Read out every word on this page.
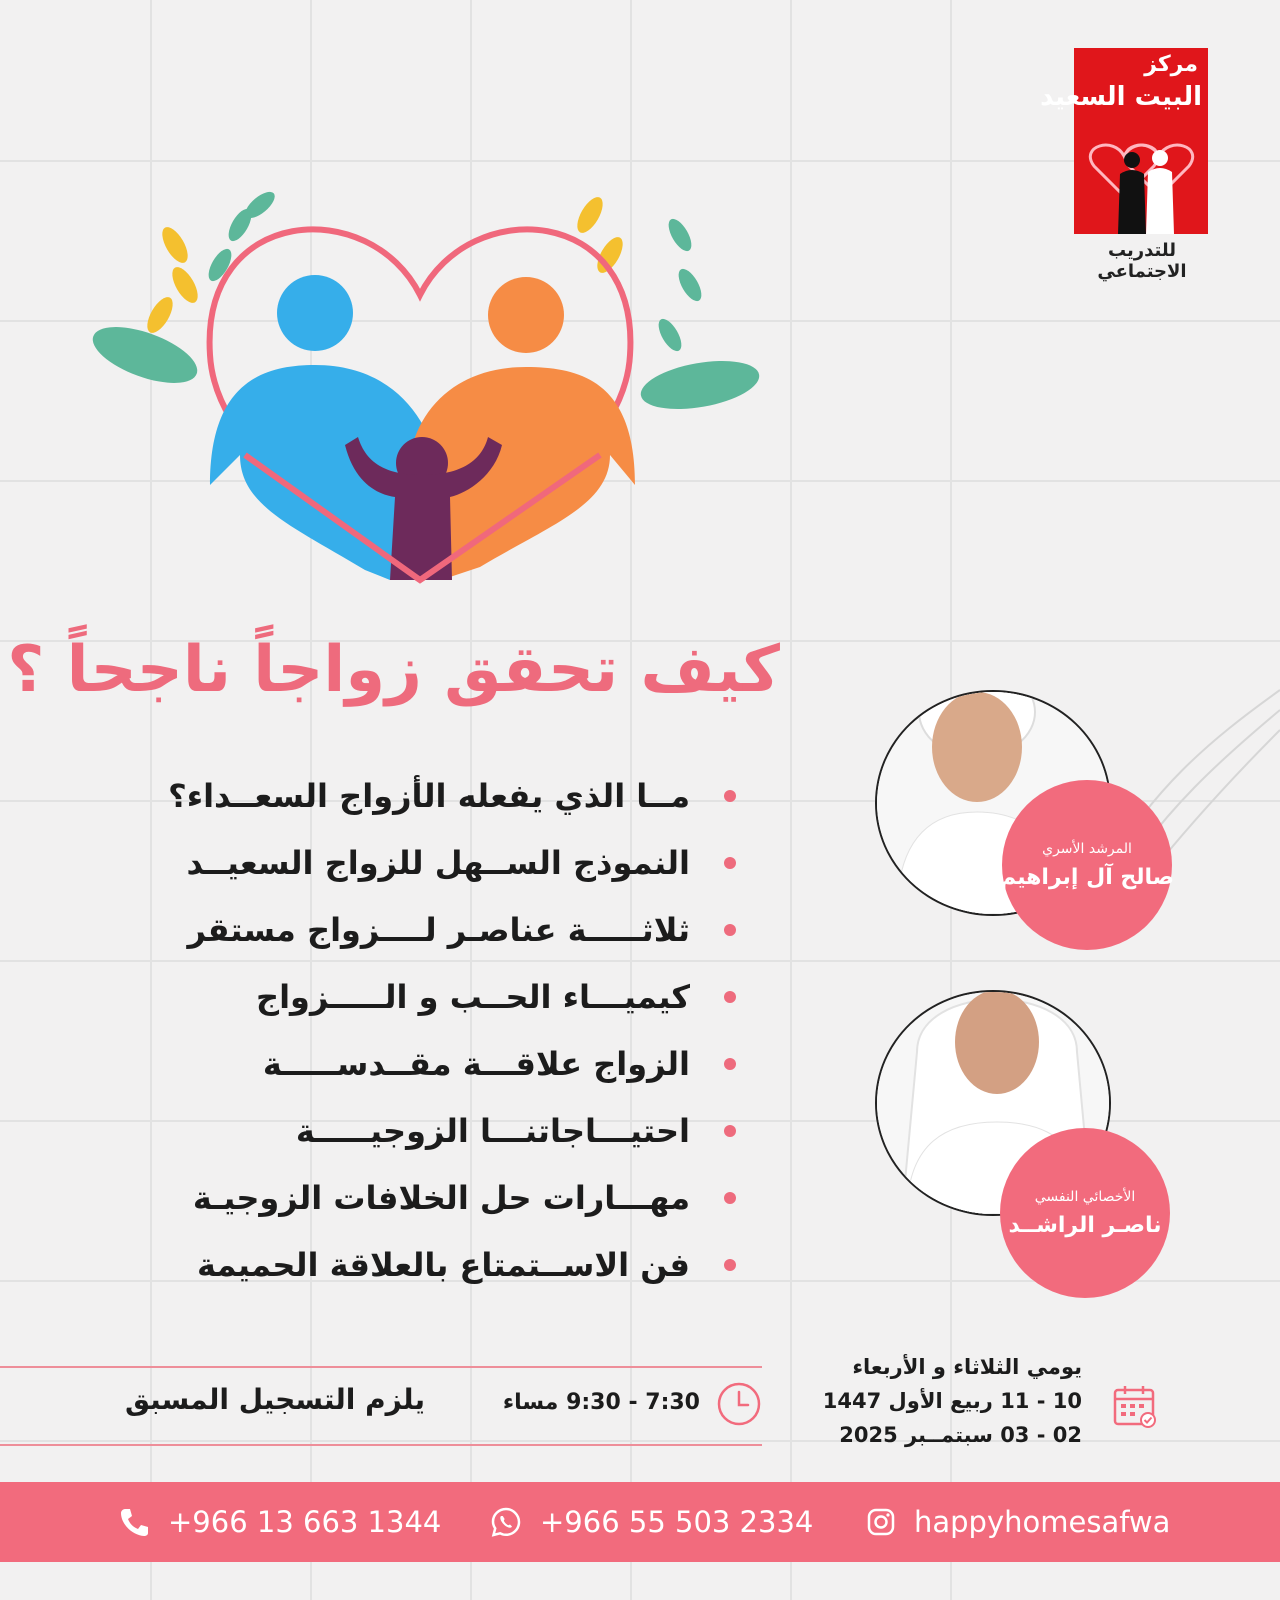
مركز
البيت السعيد
للتدريب الاجتماعي
كيف تحقق زواجاً ناجحاً ؟
مــا الذي يفعله الأزواج السعــداء؟
النموذج الســهل للزواج السعيــد
ثلاثـــــة عناصـر لــــزواج مستقر
كيميـــاء الحــب و الـــــزواج
الزواج علاقـــة مقــدســـــة
احتيـــاجاتنـــا الزوجيـــــة
مهـــارات حل الخلافات الزوجيـة
فن الاســتمتاع بالعلاقة الحميمة
المرشد الأسري
صالح آل إبراهيم
الأخصائي النفسي
ناصـر الراشــد
يلزم التسجيل المسبق	7:30 - 9:30 مساء
يومي الثلاثاء و الأربعاء
10 - 11 ربيع الأول 1447
02 - 03 سبتمــبر 2025
+966 13 663 1344	+966 55 503 2334	happyhomesafwa
